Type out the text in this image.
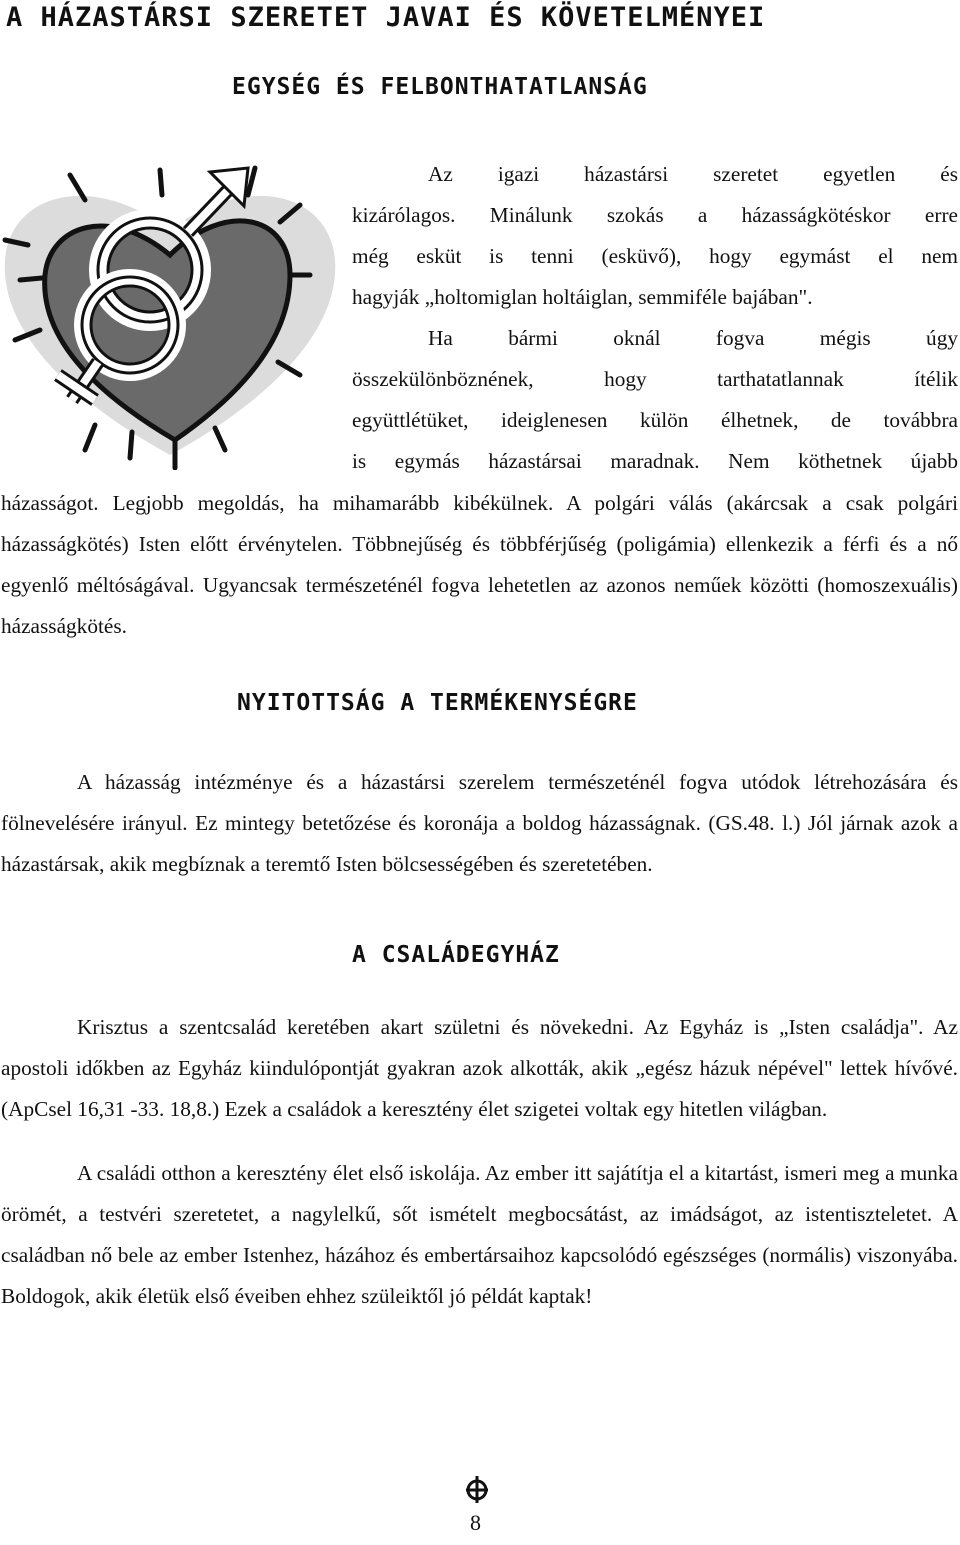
A HÁZASTÁRSI SZERETET JAVAI ÉS KÖVETELMÉNYEI
EGYSÉG ÉS FELBONTHATATLANSÁG
Az igazi házastársi szeretet egyetlen és
kizárólagos. Minálunk szokás a házasságkötéskor erre
még esküt is tenni (esküvő), hogy egymást el nem
hagyják „holtomiglan holtáiglan, semmiféle bajában".
Ha bármi oknál fogva mégis úgy
összekülönböznének, hogy tarthatatlannak ítélik
együttlétüket, ideiglenesen külön élhetnek, de továbbra
is egymás házastársai maradnak. Nem köthetnek újabb

házasságot. Legjobb megoldás, ha mihamarább kibékülnek. A polgári válás (akárcsak a csak polgári házasságkötés) Isten előtt érvénytelen. Többnejűség és többférjűség (poligámia) ellenkezik a férfi és a nő egyenlő méltóságával. Ugyancsak természeténél fogva lehetetlen az azonos neműek közötti (homoszexuális) házasságkötés.

NYITOTTSÁG A TERMÉKENYSÉGRE

A házasság intézménye és a házastársi szerelem természeténél fogva utódok létrehozására és fölnevelésére irányul. Ez mintegy betetőzése és koronája a boldog házasságnak. (GS.48. l.) Jól járnak azok a házastársak, akik megbíznak a teremtő Isten bölcsességében és szeretetében.

A CSALÁDEGYHÁZ

Krisztus a szentcsalád keretében akart születni és növekedni. Az Egyház is „Isten családja". Az apostoli időkben az Egyház kiindulópontját gyakran azok alkották, akik „egész házuk népével" lettek hívővé. (ApCsel 16,31 -33. 18,8.) Ezek a családok a keresztény élet szigetei voltak egy hitetlen világban.

A családi otthon a keresztény élet első iskolája. Az ember itt sajátítja el a kitartást, ismeri meg a munka örömét, a testvéri szeretetet, a nagylelkű, sőt ismételt megbocsátást, az imádságot, az istentiszteletet. A családban nő bele az ember Istenhez, házához és embertársaihoz kapcsolódó egészséges (normális) viszonyába. Boldogok, akik életük első éveiben ehhez szüleiktől jó példát kaptak!

8
